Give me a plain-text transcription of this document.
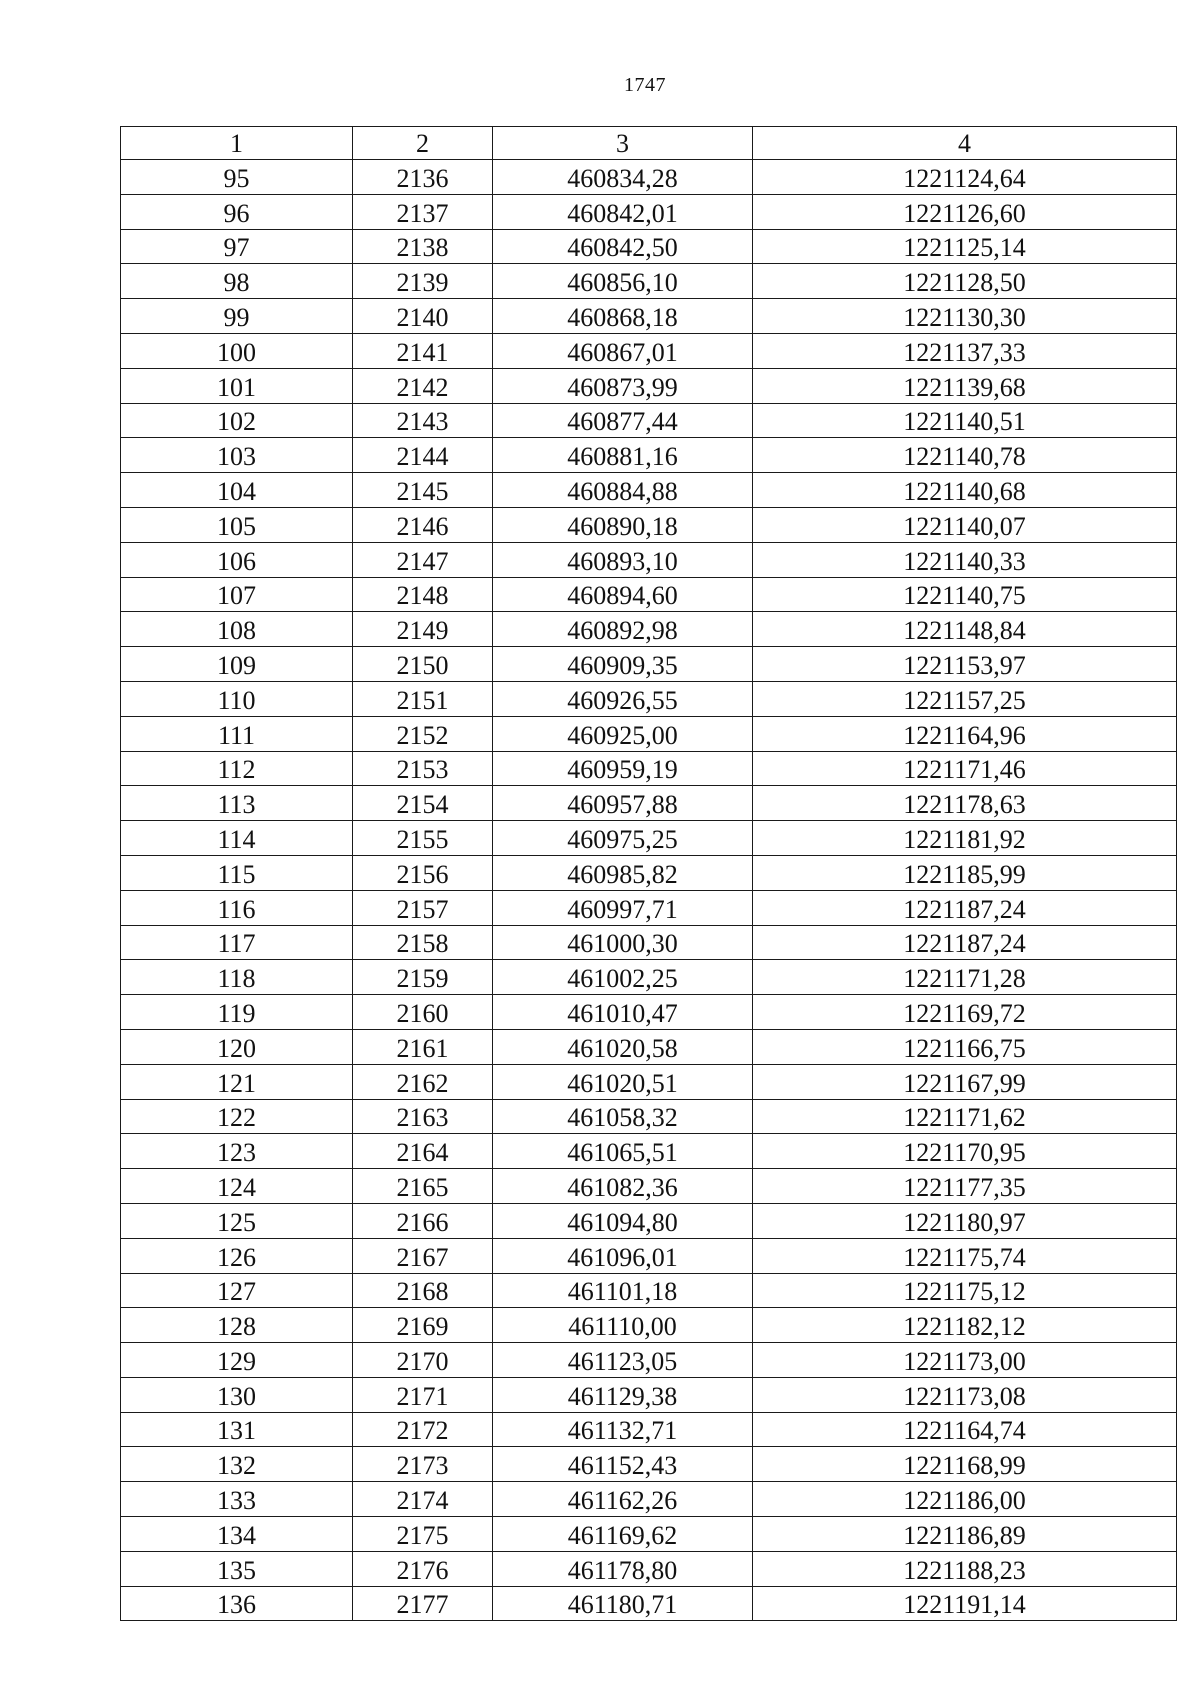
1747
1	2	3	4
95	2136	460834,28	1221124,64
96	2137	460842,01	1221126,60
97	2138	460842,50	1221125,14
98	2139	460856,10	1221128,50
99	2140	460868,18	1221130,30
100	2141	460867,01	1221137,33
101	2142	460873,99	1221139,68
102	2143	460877,44	1221140,51
103	2144	460881,16	1221140,78
104	2145	460884,88	1221140,68
105	2146	460890,18	1221140,07
106	2147	460893,10	1221140,33
107	2148	460894,60	1221140,75
108	2149	460892,98	1221148,84
109	2150	460909,35	1221153,97
110	2151	460926,55	1221157,25
111	2152	460925,00	1221164,96
112	2153	460959,19	1221171,46
113	2154	460957,88	1221178,63
114	2155	460975,25	1221181,92
115	2156	460985,82	1221185,99
116	2157	460997,71	1221187,24
117	2158	461000,30	1221187,24
118	2159	461002,25	1221171,28
119	2160	461010,47	1221169,72
120	2161	461020,58	1221166,75
121	2162	461020,51	1221167,99
122	2163	461058,32	1221171,62
123	2164	461065,51	1221170,95
124	2165	461082,36	1221177,35
125	2166	461094,80	1221180,97
126	2167	461096,01	1221175,74
127	2168	461101,18	1221175,12
128	2169	461110,00	1221182,12
129	2170	461123,05	1221173,00
130	2171	461129,38	1221173,08
131	2172	461132,71	1221164,74
132	2173	461152,43	1221168,99
133	2174	461162,26	1221186,00
134	2175	461169,62	1221186,89
135	2176	461178,80	1221188,23
136	2177	461180,71	1221191,14
